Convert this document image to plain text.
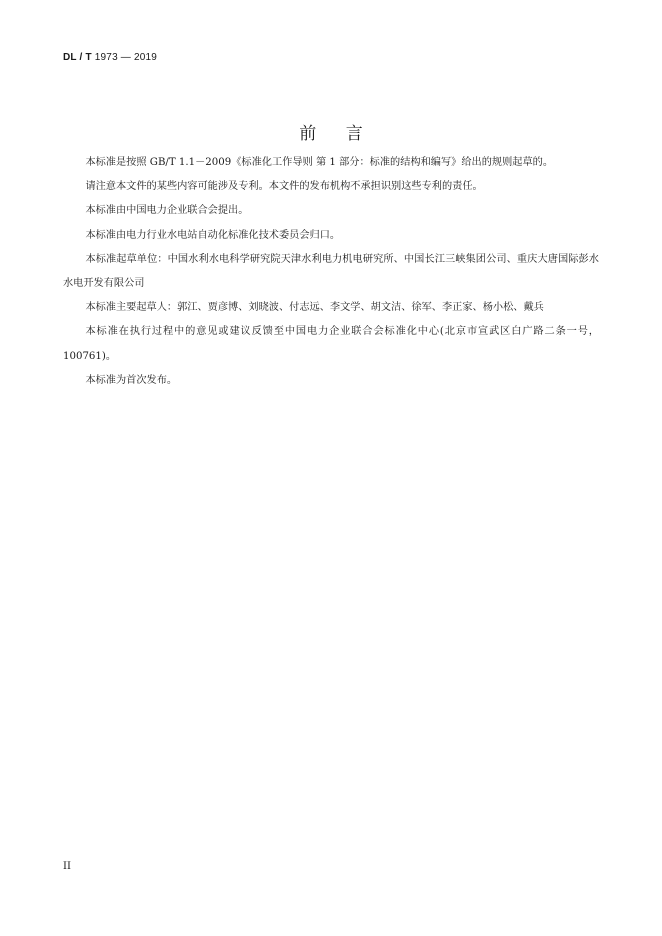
DL / T 1973 — 2019
前 言

本标准是按照 GB/T 1.1－2009《标准化工作导则 第 1 部分：标准的结构和编写》给出的规则起草的。

请注意本文件的某些内容可能涉及专利。本文件的发布机构不承担识别这些专利的责任。

本标准由中国电力企业联合会提出。

本标准由电力行业水电站自动化标准化技术委员会归口。

本标准起草单位：中国水利水电科学研究院天津水利电力机电研究所、中国长江三峡集团公司、重庆大唐国际彭水水电开发有限公司

本标准主要起草人：郭江、贾彦博、刘晓波、付志远、李文学、胡文洁、徐军、李正家、杨小松、戴兵

本标准在执行过程中的意见或建议反馈至中国电力企业联合会标准化中心(北京市宣武区白广路二条一号，100761)。

本标准为首次发布。

II
